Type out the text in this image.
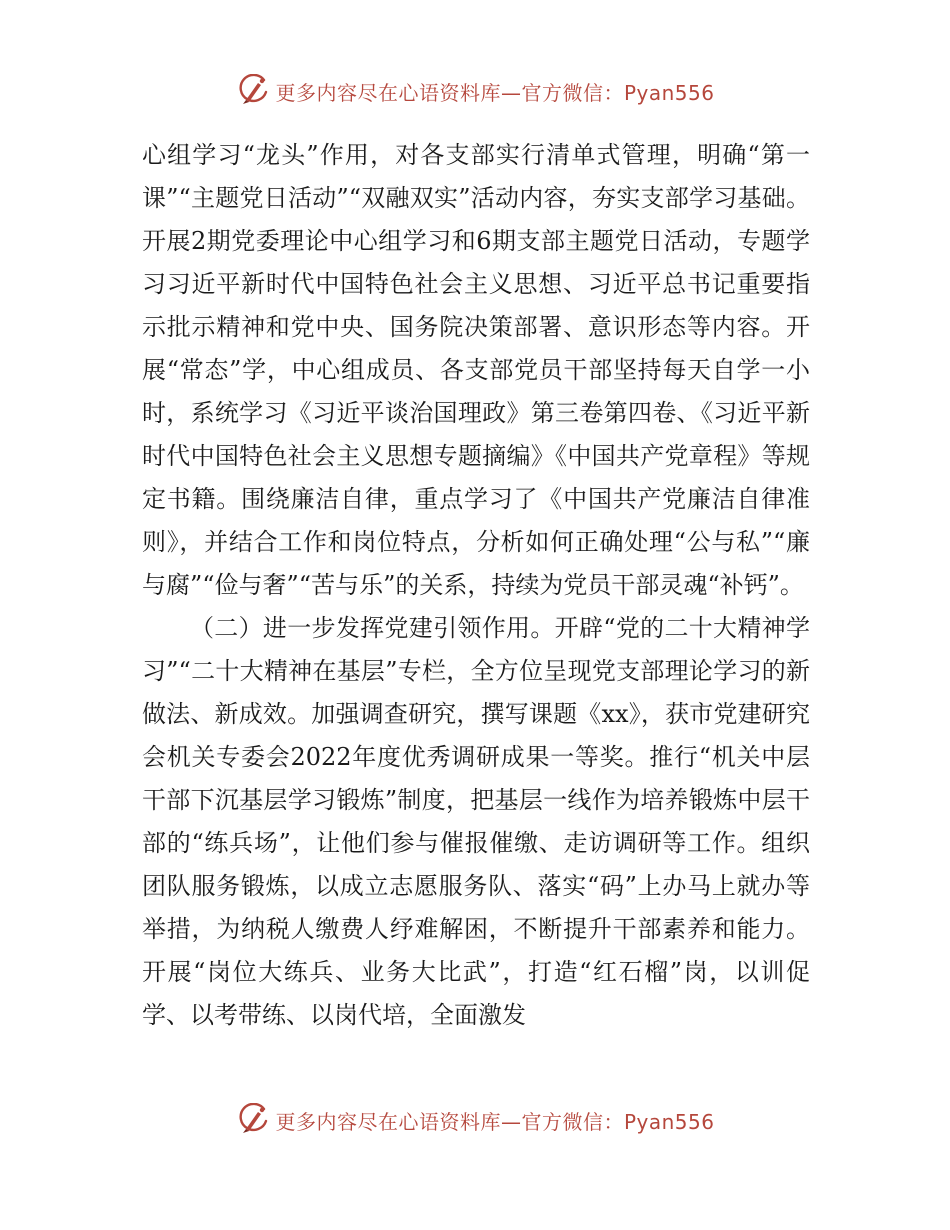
更多内容尽在心语资料库—官方微信：Pyan556

心组学习“龙头”作用，对各支部实行清单式管理，明确“第一课”“主题党日活动”“双融双实”活动内容，夯实支部学习基础。开展2期党委理论中心组学习和6期支部主题党日活动，专题学习习近平新时代中国特色社会主义思想、习近平总书记重要指示批示精神和党中央、国务院决策部署、意识形态等内容。开展“常态”学，中心组成员、各支部党员干部坚持每天自学一小时，系统学习《习近平谈治国理政》第三卷第四卷、《习近平新时代中国特色社会主义思想专题摘编》《中国共产党章程》等规定书籍。围绕廉洁自律，重点学习了《中国共产党廉洁自律准则》，并结合工作和岗位特点，分析如何正确处理“公与私”“廉与腐”“俭与奢”“苦与乐”的关系，持续为党员干部灵魂“补钙”。

（二）进一步发挥党建引领作用。开辟“党的二十大精神学习”“二十大精神在基层”专栏，全方位呈现党支部理论学习的新做法、新成效。加强调查研究，撰写课题《xx》，获市党建研究会机关专委会2022年度优秀调研成果一等奖。推行“机关中层干部下沉基层学习锻炼”制度，把基层一线作为培养锻炼中层干部的“练兵场”，让他们参与催报催缴、走访调研等工作。组织团队服务锻炼，以成立志愿服务队、落实“码”上办马上就办等举措，为纳税人缴费人纾难解困，不断提升干部素养和能力。开展“岗位大练兵、业务大比武”，打造“红石榴”岗，以训促学、以考带练、以岗代培，全面激发

更多内容尽在心语资料库—官方微信：Pyan556
